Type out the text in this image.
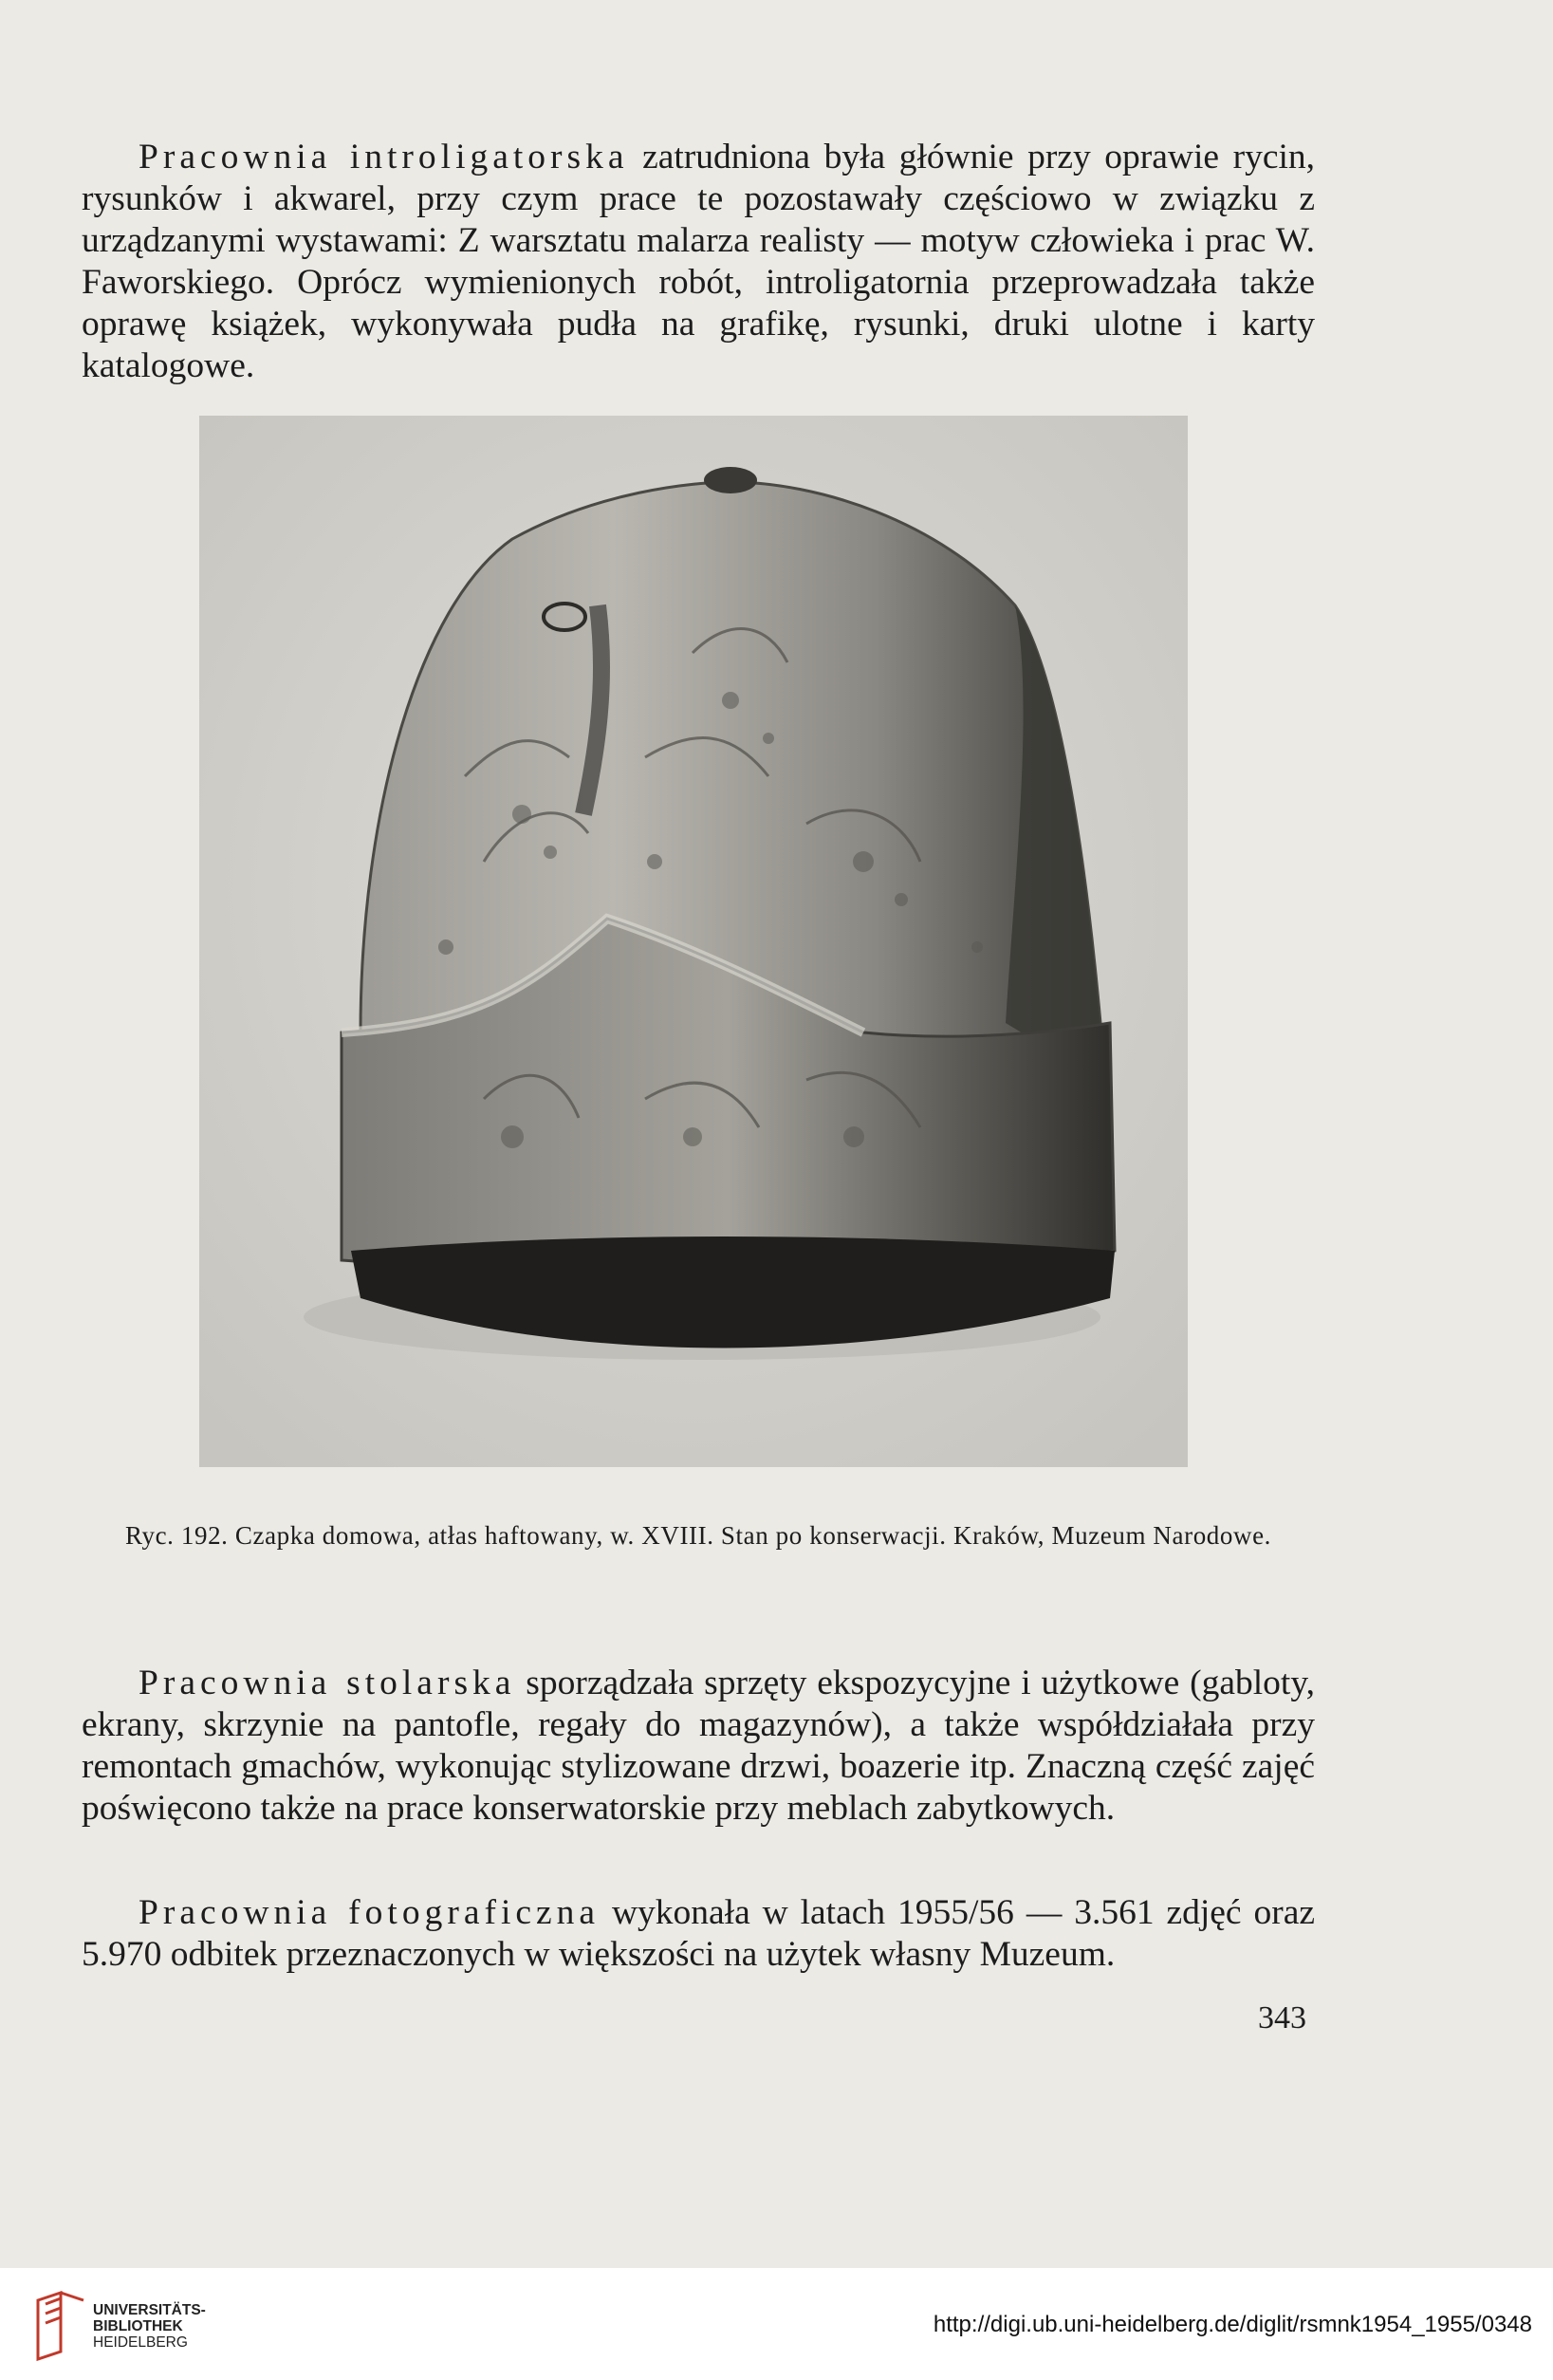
Pracownia introligatorska zatrudniona była głównie przy oprawie rycin, rysunków i akwarel, przy czym prace te pozostawały częściowo w związku z urządzanymi wystawami: Z warsztatu malarza realisty — motyw człowieka i prac W. Faworskiego. Oprócz wymienionych robót, introligatornia przeprowadzała także oprawę książek, wykonywała pudła na grafikę, rysunki, druki ulotne i karty katalogowe.

Ryc. 192. Czapka domowa, atłas haftowany, w. XVIII. Stan po konserwacji. Kraków, Muzeum Narodowe.

Pracownia stolarska sporządzała sprzęty ekspozycyjne i użytkowe (gabloty, ekrany, skrzynie na pantofle, regały do magazynów), a także współdziałała przy remontach gmachów, wykonując stylizowane drzwi, boazerie itp. Znaczną część zajęć poświęcono także na prace konserwatorskie przy meblach zabytkowych.

Pracownia fotograficzna wykonała w latach 1955/56 — 3.561 zdjęć oraz 5.970 odbitek przeznaczonych w większości na użytek własny Muzeum.

343
UNIVERSITÄTS-
BIBLIOTHEK
HEIDELBERG
http://digi.ub.uni-heidelberg.de/diglit/rsmnk1954_1955/0348
